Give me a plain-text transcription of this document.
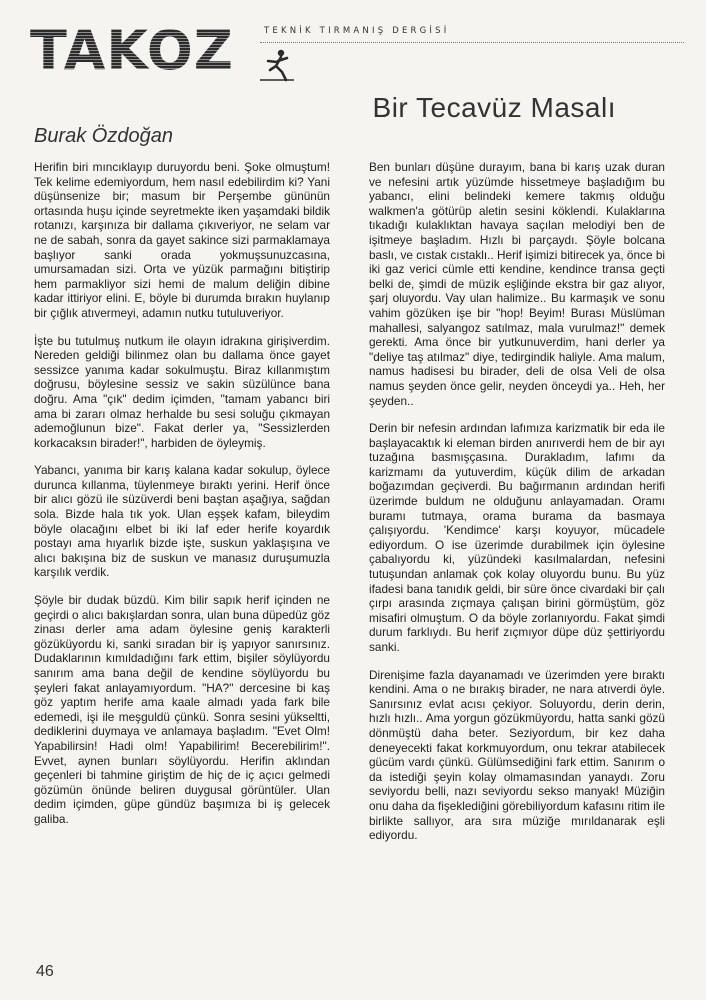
TAKOZ	TEKNİK TIRMANIŞ DERGİSİ
Bir Tecavüz Masalı
Burak Özdoğan

Herifin biri mıncıklayıp duruyordu beni. Şoke olmuştum! Tek kelime edemiyordum, hem nasıl edebilirdim ki? Yani düşünsenize bir; masum bir Perşembe gününün ortasında huşu içinde seyretmekte iken yaşamdaki bildik rotanızı, karşınıza bir dallama çıkıveriyor, ne selam var ne de sabah, sonra da gayet sakince sizi parmaklamaya başlıyor sanki orada yokmuşsunuzcasına, umursamadan sizi. Orta ve yüzük parmağını bitiştirip hem parmakliyor sizi hemi de malum deliğin dibine kadar ittiriyor elini. E, böyle bi durumda bırakın huylanıp bir çığlık atıvermeyi, adamın nutku tutuluveriyor.

İşte bu tutulmuş nutkum ile olayın idrakına girişiverdim. Nereden geldiği bilinmez olan bu dallama önce gayet sessizce yanıma kadar sokulmuştu. Biraz kıllanmıştım doğrusu, böylesine sessiz ve sakin süzülünce bana doğru. Ama "çık" dedim içimden, "tamam yabancı biri ama bi zararı olmaz herhalde bu sesi soluğu çıkmayan ademoğlunun bize". Fakat derler ya, "Sessizlerden korkacaksın birader!", harbiden de öyleymiş.

Yabancı, yanıma bir karış kalana kadar sokulup, öylece durunca kıllanma, tüylenmeye bıraktı yerini. Herif önce bir alıcı gözü ile süzüverdi beni baştan aşağıya, sağdan sola. Bizde hala tık yok. Ulan eşşek kafam, bileydim böyle olacağını elbet bi iki laf eder herife koyardık postayı ama hıyarlık bizde işte, suskun yaklaşışına ve alıcı bakışına biz de suskun ve manasız duruşumuzla karşılık verdik.

Şöyle bir dudak büzdü. Kim bilir sapık herif içinden ne geçirdi o alıcı bakışlardan sonra, ulan buna düpedüz göz zinası derler ama adam öylesine geniş karakterli gözüküyordu ki, sanki sıradan bir iş yapıyor sanırsınız. Dudaklarının kımıldadığını fark ettim, bişiler söylüyordu sanırım ama bana değil de kendine söylüyordu bu şeyleri fakat anlayamıyordum. "HA?" dercesine bi kaş göz yaptım herife ama kaale almadı yada fark bile edemedi, işi ile meşguldü çünkü. Sonra sesini yükseltti, dediklerini duymaya ve anlamaya başladım. "Evet Olm! Yapabilirsin! Hadi olm! Yapabilirim! Becerebilirim!". Evvet, aynen bunları söylüyordu. Herifin aklından geçenleri bi tahmine giriştim de hiç de iç açıcı gelmedi gözümün önünde beliren duygusal görüntüler. Ulan dedim içimden, güpe gündüz başımıza bi iş gelecek galiba.

Ben bunları düşüne durayım, bana bi karış uzak duran ve nefesini artık yüzümde hissetmeye başladığım bu yabancı, elini belindeki kemere takmış olduğu walkmen'a götürüp aletin sesini köklendi. Kulaklarına tıkadığı kulaklıktan havaya saçılan melodiyi ben de işitmeye başladım. Hızlı bi parçaydı. Şöyle bolcana baslı, ve cıstak cıstaklı.. Herif işimizi bitirecek ya, önce bi iki gaz verici cümle etti kendine, kendince transa geçti belki de, şimdi de müzik eşliğinde ekstra bir gaz alıyor, şarj oluyordu. Vay ulan halimize.. Bu karmaşık ve sonu vahim gözüken işe bir "hop! Beyim! Burası Müslüman mahallesi, salyangoz satılmaz, mala vurulmaz!" demek gerekti. Ama önce bir yutkunuverdim, hani derler ya "deliye taş atılmaz" diye, tedirgindik haliyle. Ama malum, namus hadisesi bu birader, deli de olsa Veli de olsa namus şeyden önce gelir, neyden önceydi ya.. Heh, her şeyden..

Derin bir nefesin ardından lafımıza karizmatik bir eda ile başlayacaktık ki eleman birden anırıverdi hem de bir ayı tuzağına basmışçasına. Durakladım, lafımı da karizmamı da yutuverdim, küçük dilim de arkadan boğazımdan geçiverdi. Bu bağırmanın ardından herifi üzerimde buldum ne olduğunu anlayamadan. Oramı buramı tutmaya, orama burama da basmaya çalışıyordu. 'Kendimce' karşı koyuyor, mücadele ediyordum. O ise üzerimde durabilmek için öylesine çabalıyordu ki, yüzündeki kasılmalardan, nefesini tutuşundan anlamak çok kolay oluyordu bunu. Bu yüz ifadesi bana tanıdık geldi, bir süre önce civardaki bir çalı çırpı arasında zıçmaya çalışan birini görmüştüm, göz misafiri olmuştum. O da böyle zorlanıyordu. Fakat şimdi durum farklıydı. Bu herif zıçmıyor düpe düz şettiriyordu sanki.

Direnişime fazla dayanamadı ve üzerimden yere bıraktı kendini. Ama o ne bırakış birader, ne nara atıverdi öyle. Sanırsınız evlat acısı çekiyor. Soluyordu, derin derin, hızlı hızlı.. Ama yorgun gözükmüyordu, hatta sanki gözü dönmüştü daha beter. Seziyordum, bir kez daha deneyecekti fakat korkmuyordum, onu tekrar atabilecek gücüm vardı çünkü. Gülümsediğini fark ettim. Sanırım o da istediği şeyin kolay olmamasından yanaydı. Zoru seviyordu belli, nazı seviyordu sekso manyak! Müziğin onu daha da fişeklediğini görebiliyordum kafasını ritim ile birlikte sallıyor, ara sıra müziğe mırıldanarak eşli ediyordu.

46
